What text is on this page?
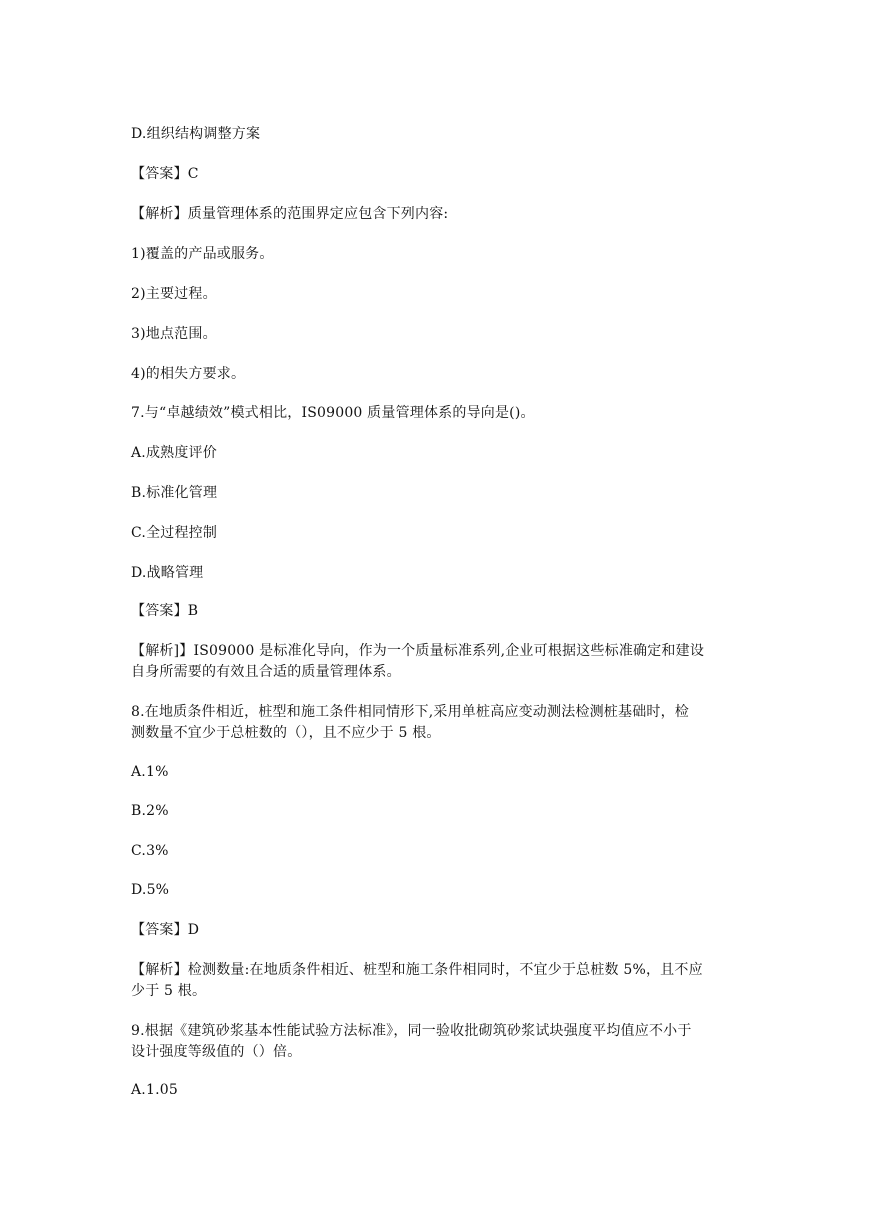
D.组织结构调整方案
【答案】C
【解析】质量管理体系的范围界定应包含下列内容:
1)覆盖的产品或服务。
2)主要过程。
3)地点范围。
4)的相失方要求。
7.与“卓越绩效”模式相比，IS09000 质量管理体系的导向是()。
A.成熟度评价
B.标准化管理
C.全过程控制
D.战略管理
【答案】B
【解析]】IS09000 是标准化导向，作为一个质量标准系列,企业可根据这些标准确定和建设
自身所需要的有效且合适的质量管理体系。
8.在地质条件相近，桩型和施工条件相同情形下,采用单桩高应变动测法检测桩基础时，检
测数量不宜少于总桩数的（），且不应少于 5 根。
A.1%
B.2%
C.3%
D.5%
【答案】D
【解析】检测数量:在地质条件相近、桩型和施工条件相同时，不宜少于总桩数 5%，且不应
少于 5 根。
9.根据《建筑砂浆基本性能试验方法标准》，同一验收批砌筑砂浆试块强度平均值应不小于
设计强度等级值的（）倍。
A.1.05
